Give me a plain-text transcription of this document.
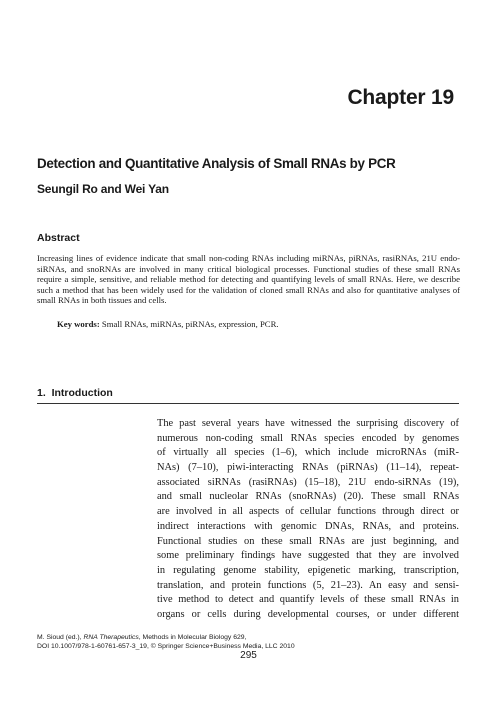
Chapter 19
Detection and Quantitative Analysis of Small RNAs by PCR
Seungil Ro and Wei Yan
Abstract
Increasing lines of evidence indicate that small non-coding RNAs including miRNAs, piRNAs, rasiRNAs, 21U endo-siRNAs, and snoRNAs are involved in many critical biological processes. Functional studies of these small RNAs require a simple, sensitive, and reliable method for detecting and quantifying levels of small RNAs. Here, we describe such a method that has been widely used for the validation of cloned small RNAs and also for quantitative analyses of small RNAs in both tissues and cells.
Key words: Small RNAs, miRNAs, piRNAs, expression, PCR.
1.  Introduction
The past several years have witnessed the surprising discovery of
numerous non-coding small RNAs species encoded by genomes
of virtually all species (1–6), which include microRNAs (miR-
NAs) (7–10), piwi-interacting RNAs (piRNAs) (11–14), repeat-
associated siRNAs (rasiRNAs) (15–18), 21U endo-siRNAs (19),
and small nucleolar RNAs (snoRNAs) (20). These small RNAs
are involved in all aspects of cellular functions through direct or
indirect interactions with genomic DNAs, RNAs, and proteins.
Functional studies on these small RNAs are just beginning, and
some preliminary findings have suggested that they are involved
in regulating genome stability, epigenetic marking, transcription,
translation, and protein functions (5, 21–23). An easy and sensi-
tive method to detect and quantify levels of these small RNAs in
organs or cells during developmental courses, or under different
M. Sioud (ed.), RNA Therapeutics, Methods in Molecular Biology 629,
DOI 10.1007/978-1-60761-657-3_19, © Springer Science+Business Media, LLC 2010
295
